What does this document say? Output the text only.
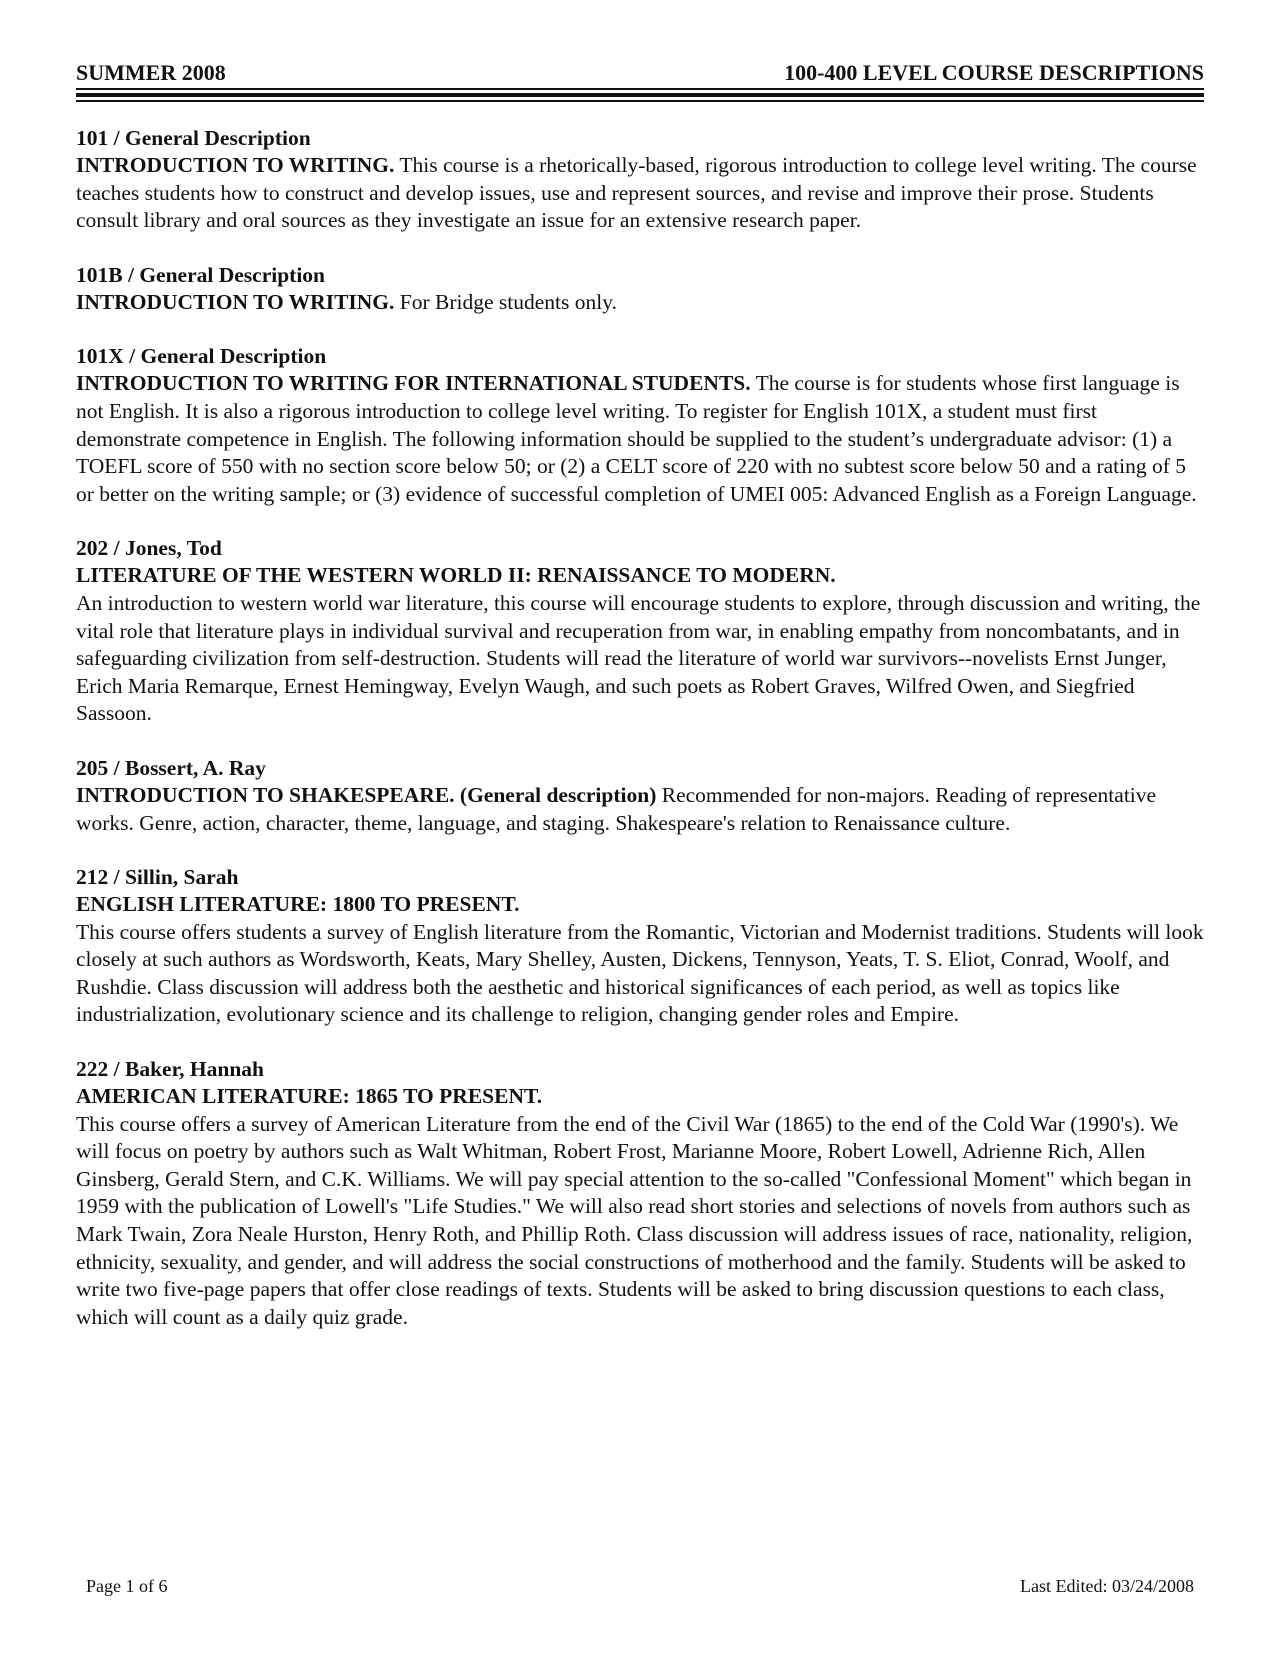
SUMMER 2008	100-400 LEVEL COURSE DESCRIPTIONS
101 / General Description
INTRODUCTION TO WRITING. This course is a rhetorically-based, rigorous introduction to college level writing. The course teaches students how to construct and develop issues, use and represent sources, and revise and improve their prose. Students consult library and oral sources as they investigate an issue for an extensive research paper.
101B / General Description
INTRODUCTION TO WRITING. For Bridge students only.
101X / General Description
INTRODUCTION TO WRITING FOR INTERNATIONAL STUDENTS. The course is for students whose first language is not English. It is also a rigorous introduction to college level writing. To register for English 101X, a student must first demonstrate competence in English. The following information should be supplied to the student’s undergraduate advisor: (1) a TOEFL score of 550 with no section score below 50; or (2) a CELT score of 220 with no subtest score below 50 and a rating of 5 or better on the writing sample; or (3) evidence of successful completion of UMEI 005: Advanced English as a Foreign Language.
202 / Jones, Tod
LITERATURE OF THE WESTERN WORLD II: RENAISSANCE TO MODERN.
An introduction to western world war literature, this course will encourage students to explore, through discussion and writing, the vital role that literature plays in individual survival and recuperation from war, in enabling empathy from noncombatants, and in safeguarding civilization from self-destruction. Students will read the literature of world war survivors--novelists Ernst Junger, Erich Maria Remarque, Ernest Hemingway, Evelyn Waugh, and such poets as Robert Graves, Wilfred Owen, and Siegfried Sassoon.
205 / Bossert, A. Ray
INTRODUCTION TO SHAKESPEARE. (General description) Recommended for non-majors. Reading of representative works. Genre, action, character, theme, language, and staging. Shakespeare's relation to Renaissance culture.
212 / Sillin, Sarah
ENGLISH LITERATURE: 1800 TO PRESENT.
This course offers students a survey of English literature from the Romantic, Victorian and Modernist traditions. Students will look closely at such authors as Wordsworth, Keats, Mary Shelley, Austen, Dickens, Tennyson, Yeats, T. S. Eliot, Conrad, Woolf, and Rushdie. Class discussion will address both the aesthetic and historical significances of each period, as well as topics like industrialization, evolutionary science and its challenge to religion, changing gender roles and Empire.
222 / Baker, Hannah
AMERICAN LITERATURE: 1865 TO PRESENT.
This course offers a survey of American Literature from the end of the Civil War (1865) to the end of the Cold War (1990's). We will focus on poetry by authors such as Walt Whitman, Robert Frost, Marianne Moore, Robert Lowell, Adrienne Rich, Allen Ginsberg, Gerald Stern, and C.K. Williams. We will pay special attention to the so-called "Confessional Moment" which began in 1959 with the publication of Lowell's "Life Studies." We will also read short stories and selections of novels from authors such as Mark Twain, Zora Neale Hurston, Henry Roth, and Phillip Roth. Class discussion will address issues of race, nationality, religion, ethnicity, sexuality, and gender, and will address the social constructions of motherhood and the family. Students will be asked to write two five-page papers that offer close readings of texts. Students will be asked to bring discussion questions to each class, which will count as a daily quiz grade.
Page 1 of 6	Last Edited: 03/24/2008
